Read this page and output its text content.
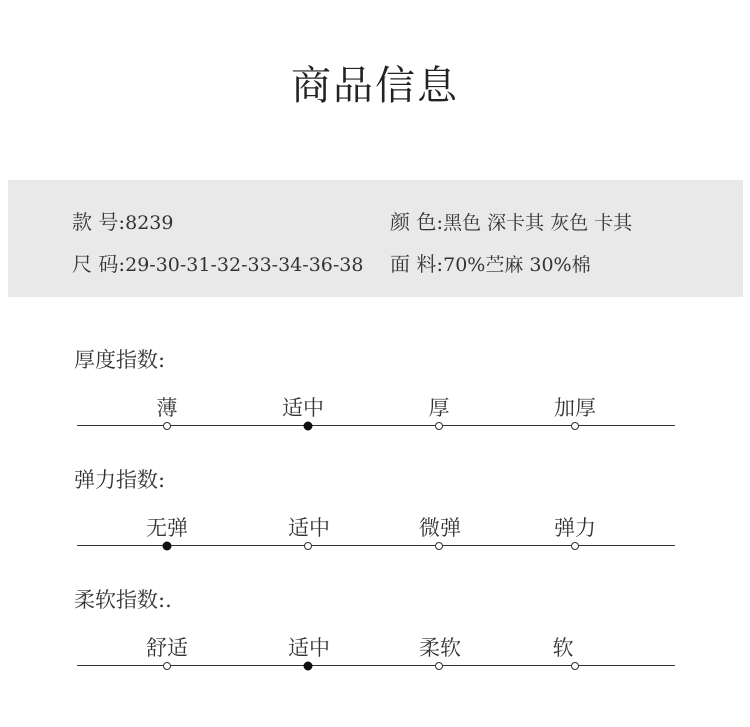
商品信息
款 号:8239
尺 码:29-30-31-32-33-34-36-38
颜 色:黑色 深卡其 灰色 卡其
面 料:70%苎麻 30%棉
厚度指数:
薄	适中	厚	加厚
弹力指数:
无弹	适中	微弹	弹力
柔软指数:.
舒适	适中	柔软	软
